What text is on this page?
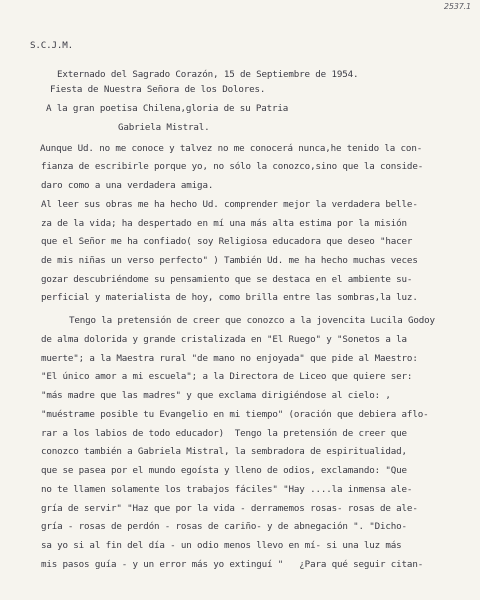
2537.1
S.C.J.M.
Externado del Sagrado Corazón, 15 de Septiembre de 1954.
Fiesta de Nuestra Señora de los Dolores.
A la gran poetisa Chilena,gloria de su Patria
Gabriela Mistral.
Aunque Ud. no me conoce y talvez no me conocerá nunca,he tenido la con-
fianza de escribirle porque yo, no sólo la conozco,sino que la conside-
daro como a una verdadera amiga.
Al leer sus obras me ha hecho Ud. comprender mejor la verdadera belle-
za de la vida; ha despertado en mí una más alta estima por la misión
que el Señor me ha confiado( soy Religiosa educadora que deseo "hacer
de mis niñas un verso perfecto" ) También Ud. me ha hecho muchas veces
gozar descubriéndome su pensamiento que se destaca en el ambiente su-
perficial y materialista de hoy, como brilla entre las sombras,la luz.
Tengo la pretensión de creer que conozco a la jovencita Lucila Godoy
de alma dolorida y grande cristalizada en "El Ruego" y "Sonetos a la
muerte"; a la Maestra rural "de mano no enjoyada" que pide al Maestro:
"El único amor a mi escuela"; a la Directora de Liceo que quiere ser:
"más madre que las madres" y que exclama dirigiéndose al cielo: ,
"muéstrame posible tu Evangelio en mi tiempo" (oración que debiera aflo-
rar a los labios de todo educador)  Tengo la pretensión de creer que
conozco también a Gabriela Mistral, la sembradora de espiritualidad,
que se pasea por el mundo egoísta y lleno de odios, exclamando: "Que
no te llamen solamente los trabajos fáciles" "Hay ....la inmensa ale-
gría de servir" "Haz que por la vida - derramemos rosas- rosas de ale-
gría - rosas de perdón - rosas de cariño- y de abnegación ". "Dicho-
sa yo si al fin del día - un odio menos llevo en mí- si una luz más
mis pasos guía - y un error más yo extinguí "   ¿Para qué seguir citan-
